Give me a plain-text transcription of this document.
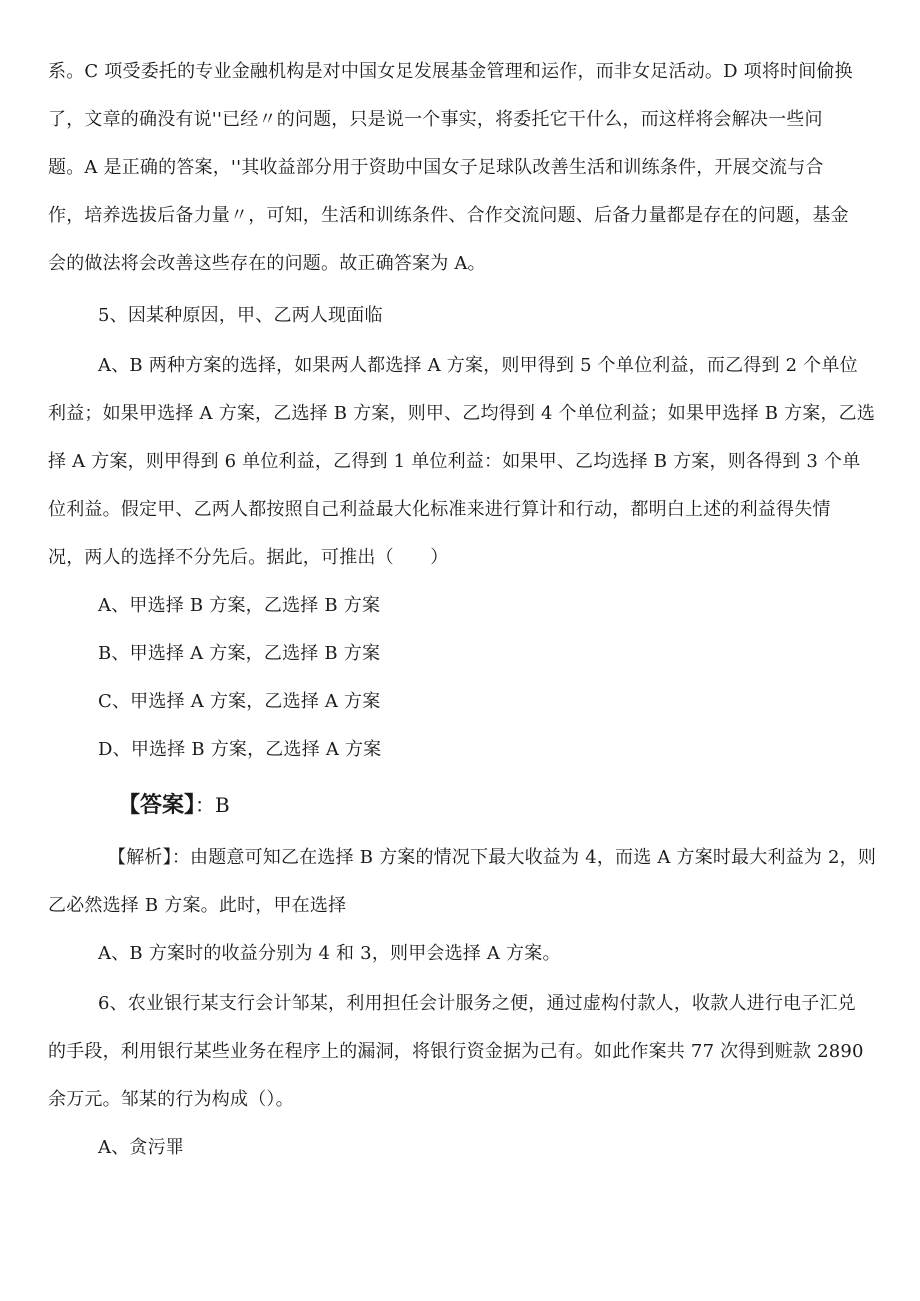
系。C 项受委托的专业金融机构是对中国女足发展基金管理和运作，而非女足活动。D 项将时间偷换
了，文章的确没有说''已经〃的问题，只是说一个事实，将委托它干什么，而这样将会解决一些问
题。A 是正确的答案，''其收益部分用于资助中国女子足球队改善生活和训练条件，开展交流与合
作，培养选拔后备力量〃，可知，生活和训练条件、合作交流问题、后备力量都是存在的问题，基金
会的做法将会改善这些存在的问题。故正确答案为 A。
5、因某种原因，甲、乙两人现面临
A、B 两种方案的选择，如果两人都选择 A 方案，则甲得到 5 个单位利益，而乙得到 2 个单位
利益；如果甲选择 A 方案，乙选择 B 方案，则甲、乙均得到 4 个单位利益；如果甲选择 B 方案，乙选
择 A 方案，则甲得到 6 单位利益，乙得到 1 单位利益：如果甲、乙均选择 B 方案，则各得到 3 个单
位利益。假定甲、乙两人都按照自己利益最大化标准来进行算计和行动，都明白上述的利益得失情
况，两人的选择不分先后。据此，可推出（　　）
A、甲选择 B 方案，乙选择 B 方案
B、甲选择 A 方案，乙选择 B 方案
C、甲选择 A 方案，乙选择 A 方案
D、甲选择 B 方案，乙选择 A 方案
【答案】：B
【解析】：由题意可知乙在选择 B 方案的情况下最大收益为 4，而选 A 方案时最大利益为 2，则
乙必然选择 B 方案。此时，甲在选择
A、B 方案时的收益分别为 4 和 3，则甲会选择 A 方案。
6、农业银行某支行会计邹某，利用担任会计服务之便，通过虚构付款人，收款人进行电子汇兑
的手段，利用银行某些业务在程序上的漏洞，将银行资金据为己有。如此作案共 77 次得到赃款 2890
余万元。邹某的行为构成（）。
A、贪污罪
